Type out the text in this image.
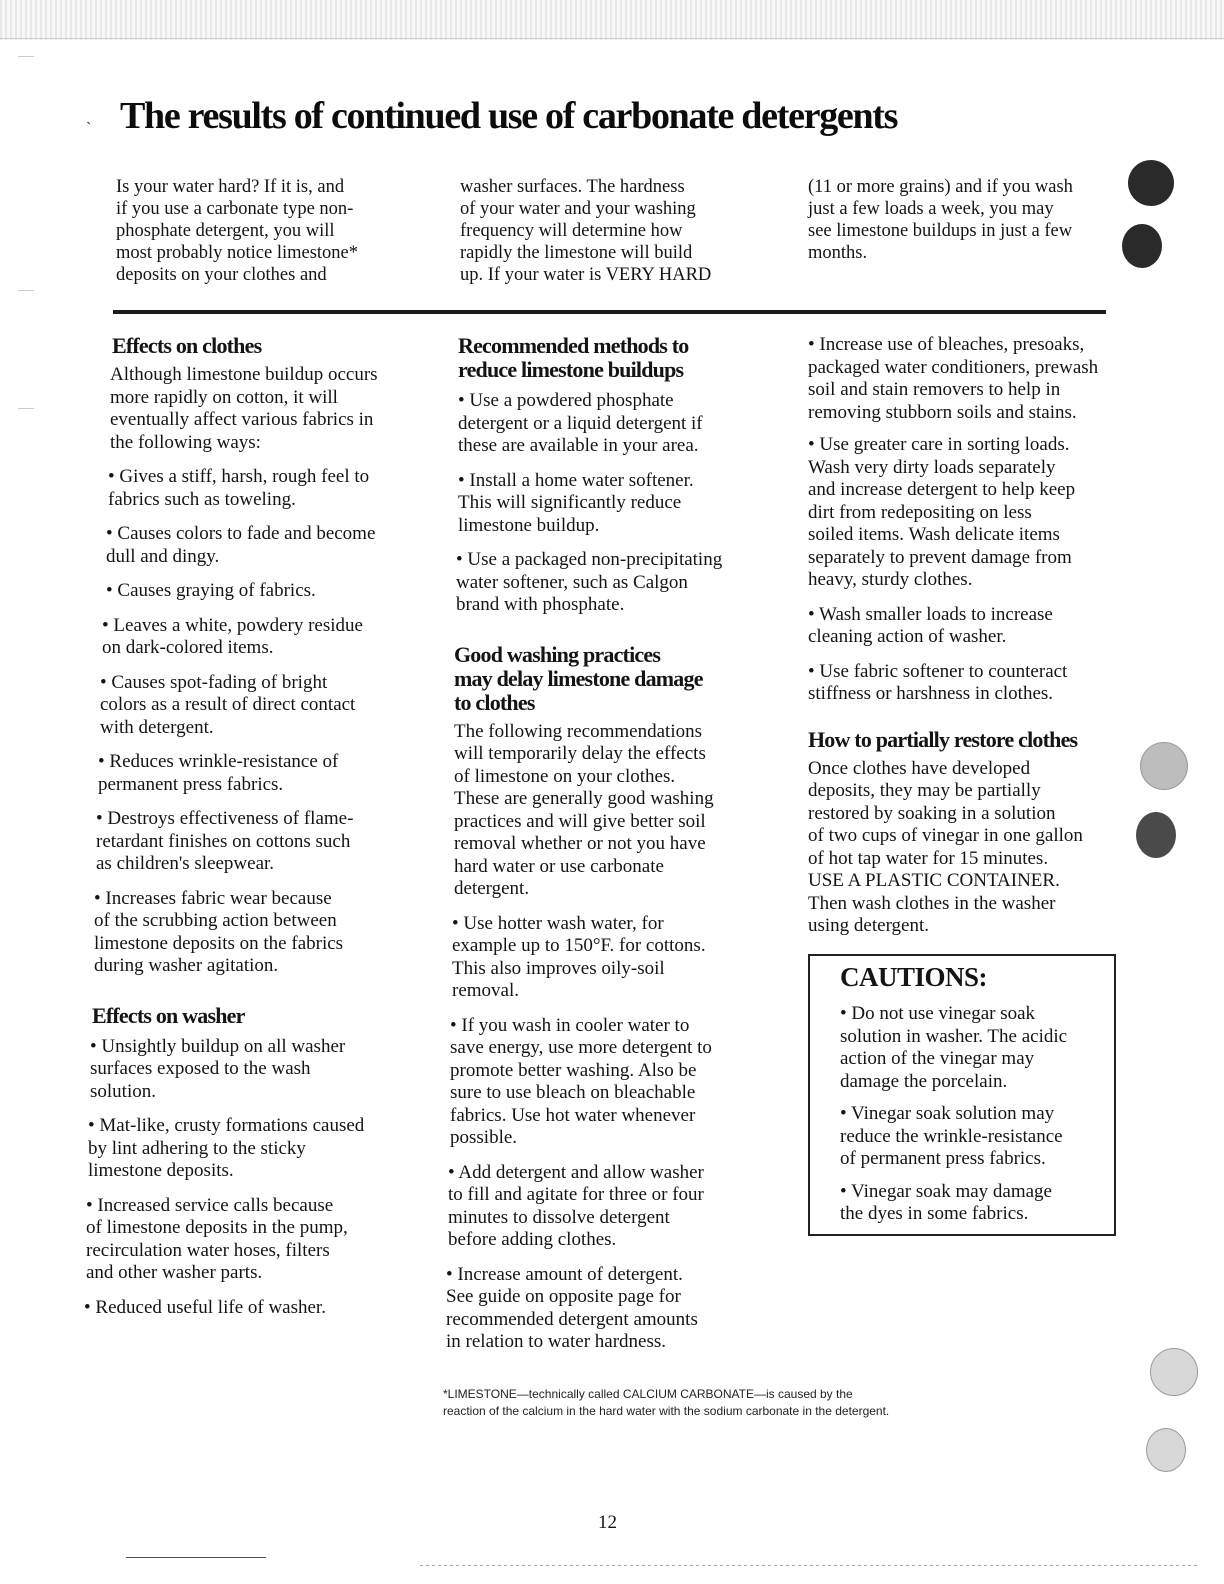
ˏ The results of continued use of carbonate detergents
Is your water hard? If it is, and
if you use a carbonate type non-
phosphate detergent, you will
most probably notice limestone*
deposits on your clothes and
washer surfaces. The hardness
of your water and your washing
frequency will determine how
rapidly the limestone will build
up. If your water is VERY HARD
(11 or more grains) and if you wash
just a few loads a week, you may
see limestone buildups in just a few
months.
Effects on clothes

Although limestone buildup occurs
more rapidly on cotton, it will
eventually affect various fabrics in
the following ways:

• Gives a stiff, harsh, rough feel to
fabrics such as toweling.

• Causes colors to fade and become
dull and dingy.

• Causes graying of fabrics.

• Leaves a white, powdery residue
on dark-colored items.

• Causes spot-fading of bright
colors as a result of direct contact
with detergent.

• Reduces wrinkle-resistance of
permanent press fabrics.

• Destroys effectiveness of flame-
retardant finishes on cottons such
as children's sleepwear.

• Increases fabric wear because
of the scrubbing action between
limestone deposits on the fabrics
during washer agitation.

Effects on washer

• Unsightly buildup on all washer
surfaces exposed to the wash
solution.

• Mat-like, crusty formations caused
by lint adhering to the sticky
limestone deposits.

• Increased service calls because
of limestone deposits in the pump,
recirculation water hoses, filters
and other washer parts.

• Reduced useful life of washer.

Recommended methods to
reduce limestone buildups

• Use a powdered phosphate
detergent or a liquid detergent if
these are available in your area.

• Install a home water softener.
This will significantly reduce
limestone buildup.

• Use a packaged non-precipitating
water softener, such as Calgon
brand with phosphate.

Good washing practices
may delay limestone damage
to clothes

The following recommendations
will temporarily delay the effects
of limestone on your clothes.
These are generally good washing
practices and will give better soil
removal whether or not you have
hard water or use carbonate
detergent.

• Use hotter wash water, for
example up to 150°F. for cottons.
This also improves oily-soil
removal.

• If you wash in cooler water to
save energy, use more detergent to
promote better washing. Also be
sure to use bleach on bleachable
fabrics. Use hot water whenever
possible.

• Add detergent and allow washer
to fill and agitate for three or four
minutes to dissolve detergent
before adding clothes.

• Increase amount of detergent.
See guide on opposite page for
recommended detergent amounts
in relation to water hardness.

• Increase use of bleaches, presoaks,
packaged water conditioners, prewash
soil and stain removers to help in
removing stubborn soils and stains.

• Use greater care in sorting loads.
Wash very dirty loads separately
and increase detergent to help keep
dirt from redepositing on less
soiled items. Wash delicate items
separately to prevent damage from
heavy, sturdy clothes.

• Wash smaller loads to increase
cleaning action of washer.

• Use fabric softener to counteract
stiffness or harshness in clothes.

How to partially restore clothes

Once clothes have developed
deposits, they may be partially
restored by soaking in a solution
of two cups of vinegar in one gallon
of hot tap water for 15 minutes.
USE A PLASTIC CONTAINER.
Then wash clothes in the washer
using detergent.

CAUTIONS:

• Do not use vinegar soak
solution in washer. The acidic
action of the vinegar may
damage the porcelain.

• Vinegar soak solution may
reduce the wrinkle-resistance
of permanent press fabrics.

• Vinegar soak may damage
the dyes in some fabrics.

*LIMESTONE—technically called CALCIUM CARBONATE—is caused by the
reaction of the calcium in the hard water with the sodium carbonate in the detergent.
12
